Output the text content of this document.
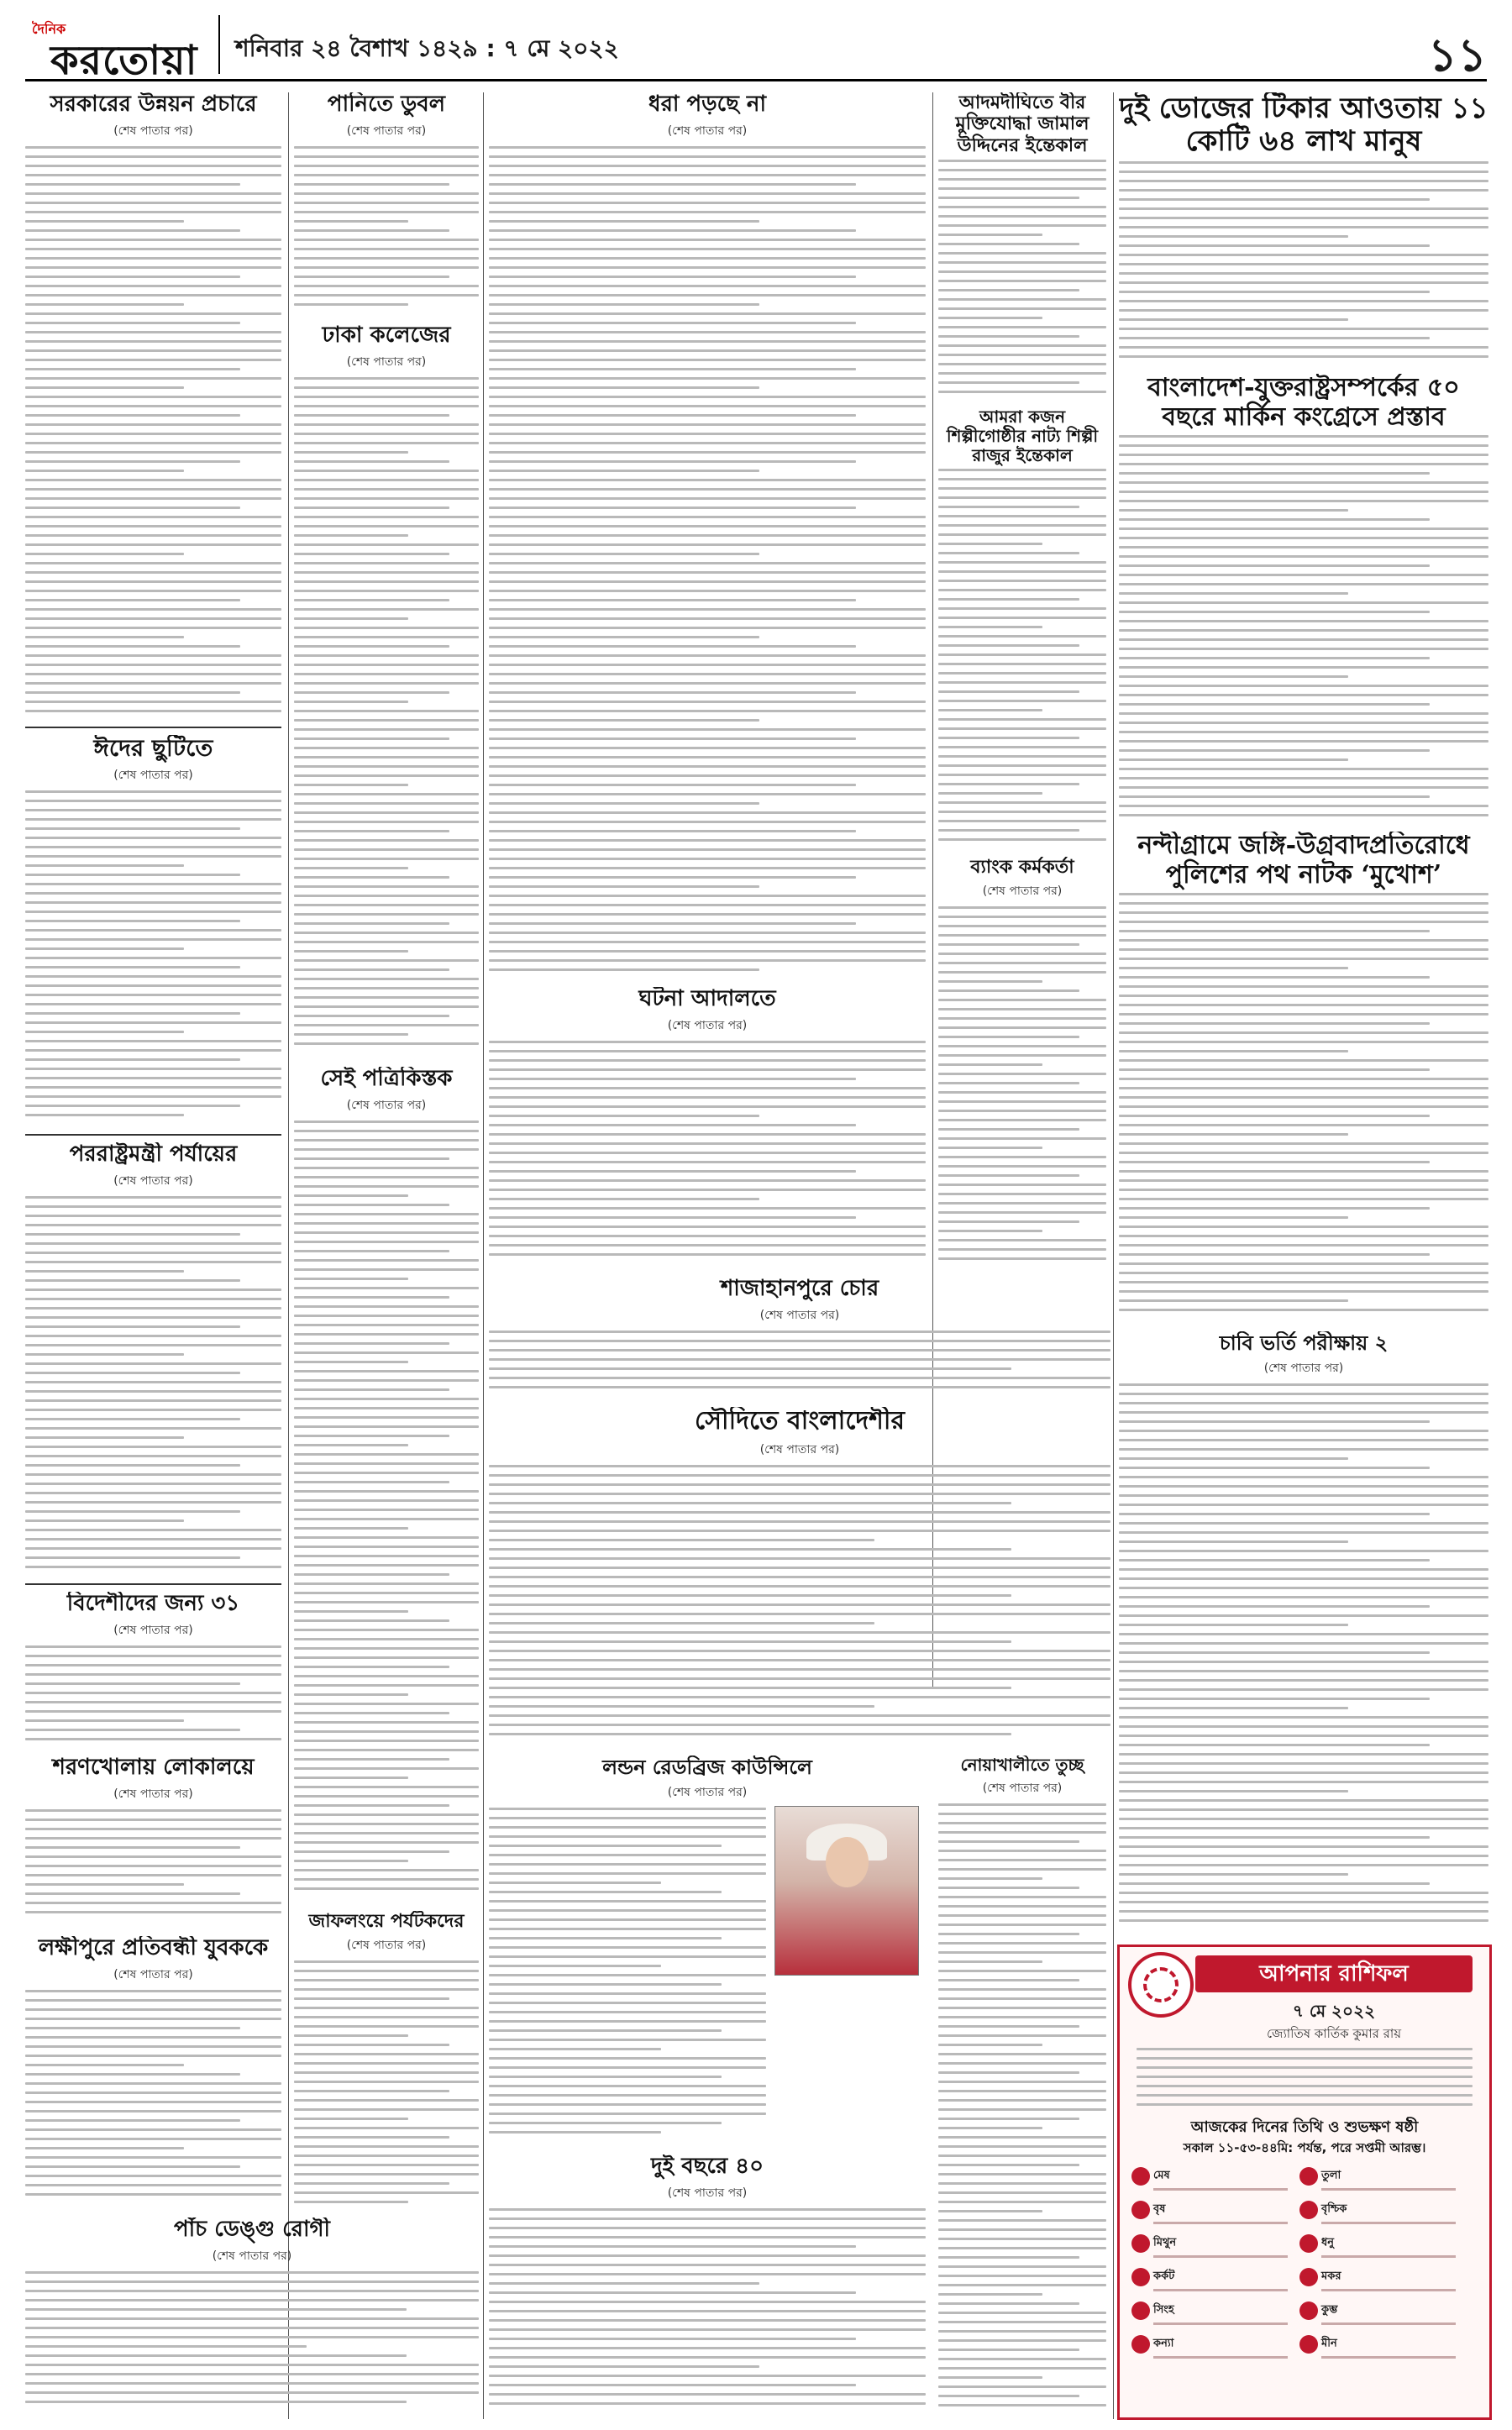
দৈনিক
করতোয়া শনিবার ২৪ বৈশাখ ১৪২৯ : ৭ মে ২০২২	১১
সরকারের উন্নয়ন প্রচারে
(শেষ পাতার পর)
ঈদের ছুটিতে
(শেষ পাতার পর)
পররাষ্ট্রমন্ত্রী পর্যায়ের
(শেষ পাতার পর)
বিদেশীদের জন্য ৩১
(শেষ পাতার পর)
শরণখোলায় লোকালয়ে
(শেষ পাতার পর)
লক্ষীপুরে প্রতিবন্ধী যুবককে
(শেষ পাতার পর)
পাঁচ ডেঙ্গু রোগী
(শেষ পাতার পর)
পানিতে ডুবল
(শেষ পাতার পর)
ঢাকা কলেজের
(শেষ পাতার পর)
সেই পত্রিকিস্তক
(শেষ পাতার পর)
জাফলংয়ে পর্যটকদের
(শেষ পাতার পর)
ধরা পড়ছে না
(শেষ পাতার পর)
ঘটনা আদালতে
(শেষ পাতার পর)
শাজাহানপুরে চোর
(শেষ পাতার পর)
সৌদিতে বাংলাদেশীর
(শেষ পাতার পর)
লন্ডন রেডব্রিজ কাউন্সিলে
(শেষ পাতার পর)
দুই বছরে ৪০
(শেষ পাতার পর)
আদমদীঘিতে বীর মুক্তিযোদ্ধা জামাল উদ্দিনের ইন্তেকাল
আমরা কজন শিল্পীগোষ্ঠীর নাট্য শিল্পী রাজুর ইন্তেকাল
ব্যাংক কর্মকর্তা
(শেষ পাতার পর)
নোয়াখালীতে তুচ্ছ
(শেষ পাতার পর)
দুই ডোজের টিকার আওতায় ১১ কোটি ৬৪ লাখ মানুষ
বাংলাদেশ-যুক্তরাষ্ট্রসম্পর্কের ৫০ বছরে মার্কিন কংগ্রেসে প্রস্তাব
নন্দীগ্রামে জঙ্গি-উগ্রবাদপ্রতিরোধে পুলিশের পথ নাটক ‘মুখোশ’
চাবি ভর্তি পরীক্ষায় ২
(শেষ পাতার পর)
আপনার রাশিফল
৭ মে ২০২২
জ্যোতিষ কার্তিক কুমার রায়
আজকের দিনের তিথি ও শুভক্ষণ ষষ্ঠী
সকাল ১১-৫৩-৪৪মি: পর্যন্ত, পরে সপ্তমী আরম্ভ।
মেষ	তুলা
বৃষ	বৃশ্চিক
মিথুন	ধনু
কর্কট	মকর
সিংহ	কুম্ভ
কন্যা	মীন
